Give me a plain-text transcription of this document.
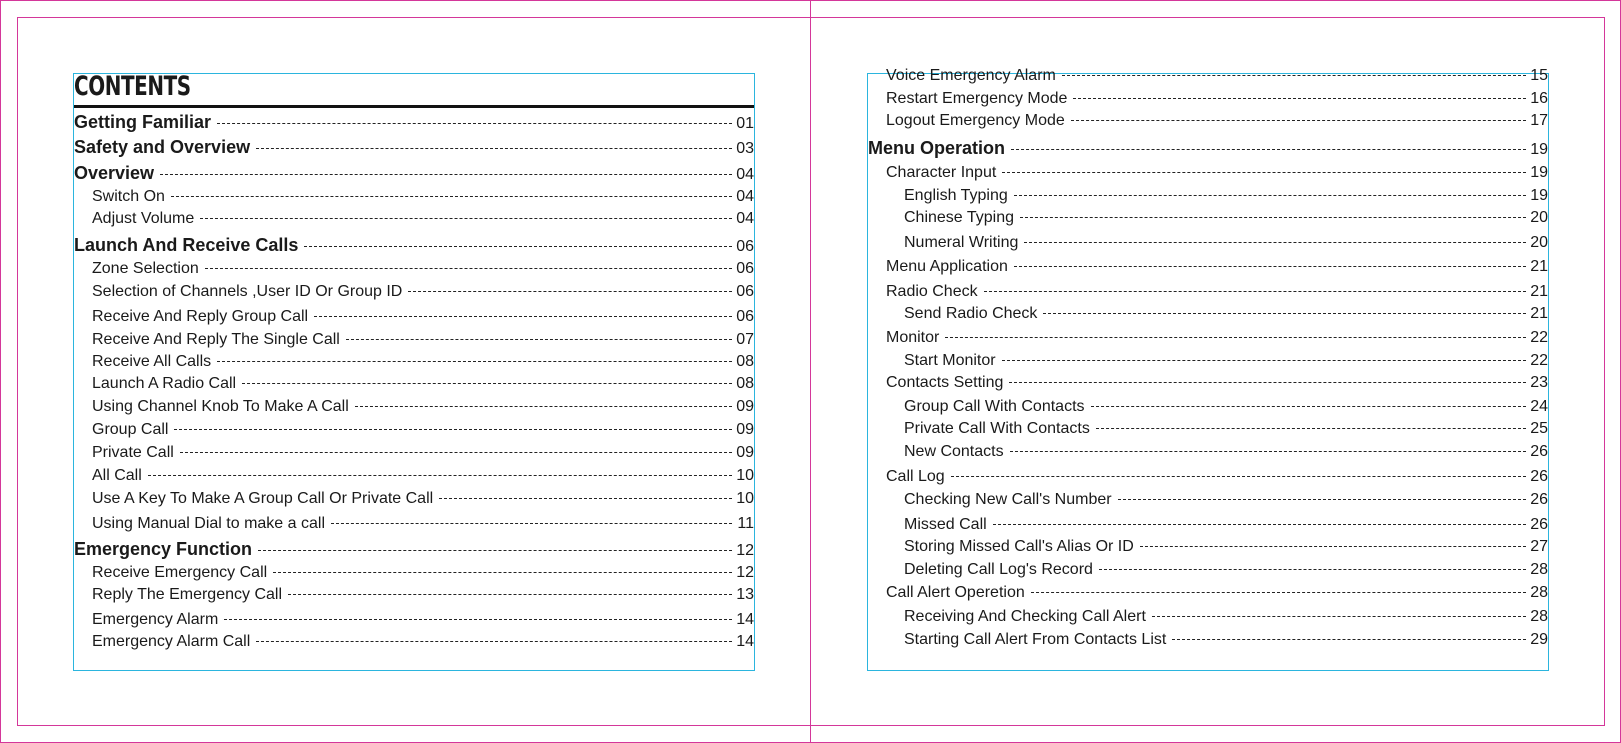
CONTENTS
Getting Familiar	01
Safety and Overview	03
Overview	04
Switch On	04
Adjust Volume	04
Launch And Receive Calls	06
Zone Selection	06
Selection of Channels ,User ID Or Group ID	06
Receive And Reply Group Call	06
Receive And Reply The Single Call	07
Receive All Calls	08
Launch A Radio Call	08
Using Channel Knob To Make A Call	09
Group Call	09
Private Call	09
All Call	10
Use A Key To Make A Group Call Or Private Call	10
Using Manual Dial to make a call	11
Emergency Function	12
Receive Emergency Call	12
Reply The Emergency Call	13
Emergency Alarm	14
Emergency Alarm Call	14
Voice Emergency Alarm	15
Restart Emergency Mode	16
Logout Emergency Mode	17
Menu Operation	19
Character Input	19
English Typing	19
Chinese Typing	20
Numeral Writing	20
Menu Application	21
Radio Check	21
Send Radio Check	21
Monitor	22
Start Monitor	22
Contacts Setting	23
Group Call With Contacts	24
Private Call With Contacts	25
New Contacts	26
Call Log	26
Checking New Call's Number	26
Missed Call	26
Storing Missed Call's Alias Or ID	27
Deleting Call Log's Record	28
Call Alert Operetion	28
Receiving And Checking Call Alert	28
Starting Call Alert From Contacts List	29
